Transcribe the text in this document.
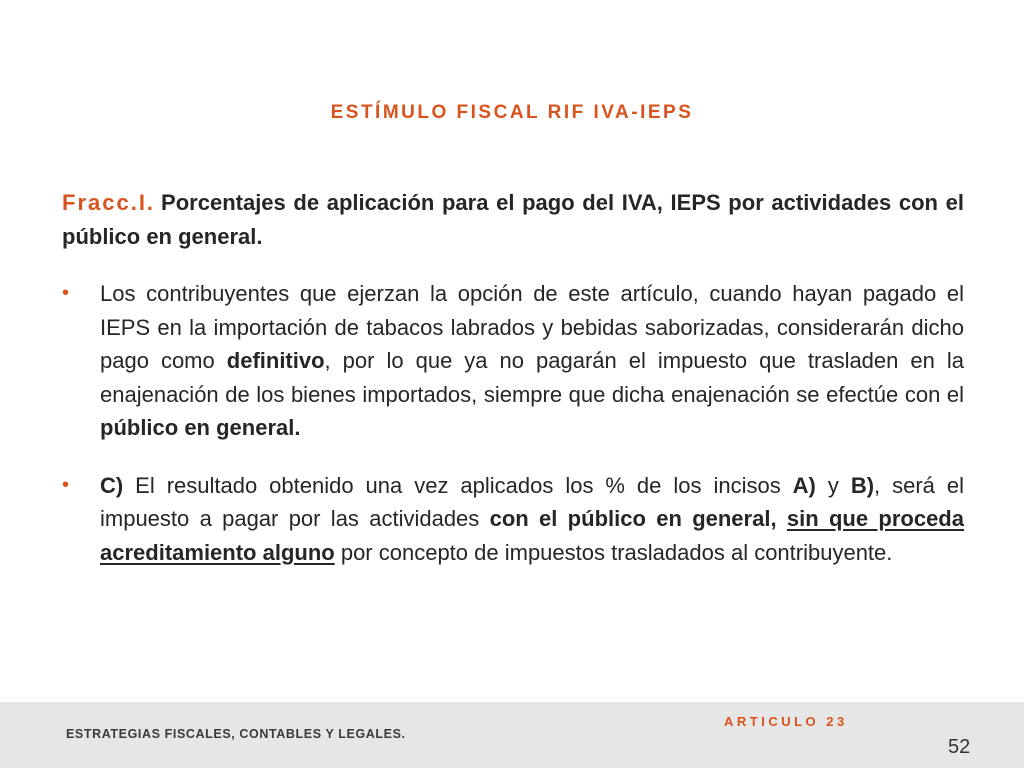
ESTÍMULO FISCAL RIF IVA-IEPS

Fracc.I. Porcentajes de aplicación para el pago del IVA, IEPS por actividades con el público en general.

• Los contribuyentes que ejerzan la opción de este artículo, cuando hayan pagado el IEPS en la importación de tabacos labrados y bebidas saborizadas, considerarán dicho pago como definitivo, por lo que ya no pagarán el impuesto que trasladen en la enajenación de los bienes importados, siempre que dicha enajenación se efectúe con el público en general.
• C) El resultado obtenido una vez aplicados los % de los incisos A) y B), será el impuesto a pagar por las actividades con el público en general, sin que proceda acreditamiento alguno por concepto de impuestos trasladados al contribuyente.
ESTRATEGIAS FISCALES, CONTABLES Y LEGALES.
ARTICULO 23
52
